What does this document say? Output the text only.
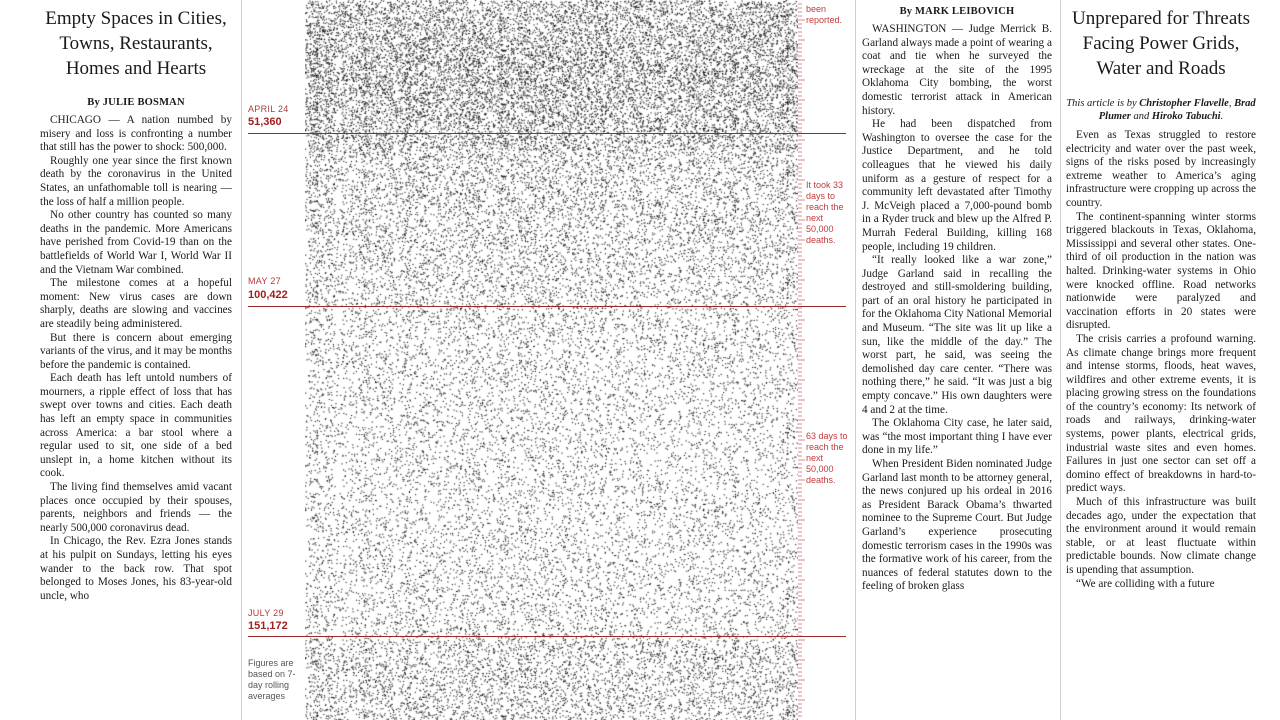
Empty Spaces in Cities,
Towns, Restaurants,
Homes and Hearts
By JULIE BOSMAN

CHICAGO — A nation numbed by misery and loss is confronting a number that still has the power to shock: 500,000.

Roughly one year since the first known death by the coronavirus in the United States, an unfathomable toll is nearing — the loss of half a million people.

No other country has counted so many deaths in the pandemic. More Americans have perished from Covid-19 than on the battlefields of World War I, World War II and the Vietnam War combined.

The milestone comes at a hopeful moment: New virus cases are down sharply, deaths are slowing and vaccines are steadily being administered.

But there is concern about emerging variants of the virus, and it may be months before the pandemic is contained.

Each death has left untold numbers of mourners, a ripple effect of loss that has swept over towns and cities. Each death has left an empty space in communities across America: a bar stool where a regular used to sit, one side of a bed unslept in, a home kitchen without its cook.

The living find themselves amid vacant places once occupied by their spouses, parents, neighbors and friends — the nearly 500,000 coronavirus dead.

In Chicago, the Rev. Ezra Jones stands at his pulpit on Sundays, letting his eyes wander to the back row. That spot belonged to Moses Jones, his 83-year-old uncle, who

been reported.
APRIL 24
51,360
MAY 27
100,422
JULY 29
151,172
It took 33 days to reach the next 50,000 deaths.
63 days to reach the next 50,000 deaths.
Figures are based on 7-day rolling averages
By MARK LEIBOVICH

WASHINGTON — Judge Merrick B. Garland always made a point of wearing a coat and tie when he surveyed the wreckage at the site of the 1995 Oklahoma City bombing, the worst domestic terrorist attack in American history.

He had been dispatched from Washington to oversee the case for the Justice Department, and he told colleagues that he viewed his daily uniform as a gesture of respect for a community left devastated after Timothy J. McVeigh placed a 7,000-pound bomb in a Ryder truck and blew up the Alfred P. Murrah Federal Building, killing 168 people, including 19 children.

“It really looked like a war zone,” Judge Garland said in recalling the destroyed and still-smoldering building, part of an oral history he participated in for the Oklahoma City National Memorial and Museum. “The site was lit up like a sun, like the middle of the day.” The worst part, he said, was seeing the demolished day care center. “There was nothing there,” he said. “It was just a big empty concave.” His own daughters were 4 and 2 at the time.

The Oklahoma City case, he later said, was “the most important thing I have ever done in my life.”

When President Biden nominated Judge Garland last month to be attorney general, the news conjured up his ordeal in 2016 as President Barack Obama’s thwarted nominee to the Supreme Court. But Judge Garland’s experience prosecuting domestic terrorism cases in the 1990s was the formative work of his career, from the nuances of federal statutes down to the feeling of broken glass

Unprepared for Threats
Facing Power Grids,
Water and Roads
This article is by Christopher Flavelle, Brad Plumer and Hiroko Tabuchi.

Even as Texas struggled to restore electricity and water over the past week, signs of the risks posed by increasingly extreme weather to America’s aging infrastructure were cropping up across the country.

The continent-spanning winter storms triggered blackouts in Texas, Oklahoma, Mississippi and several other states. One-third of oil production in the nation was halted. Drinking-water systems in Ohio were knocked offline. Road networks nationwide were paralyzed and vaccination efforts in 20 states were disrupted.

The crisis carries a profound warning. As climate change brings more frequent and intense storms, floods, heat waves, wildfires and other extreme events, it is placing growing stress on the foundations of the country’s economy: Its network of roads and railways, drinking-water systems, power plants, electrical grids, industrial waste sites and even homes. Failures in just one sector can set off a domino effect of breakdowns in hard-to-predict ways.

Much of this infrastructure was built decades ago, under the expectation that the environment around it would remain stable, or at least fluctuate within predictable bounds. Now climate change is upending that assumption.

“We are colliding with a future
